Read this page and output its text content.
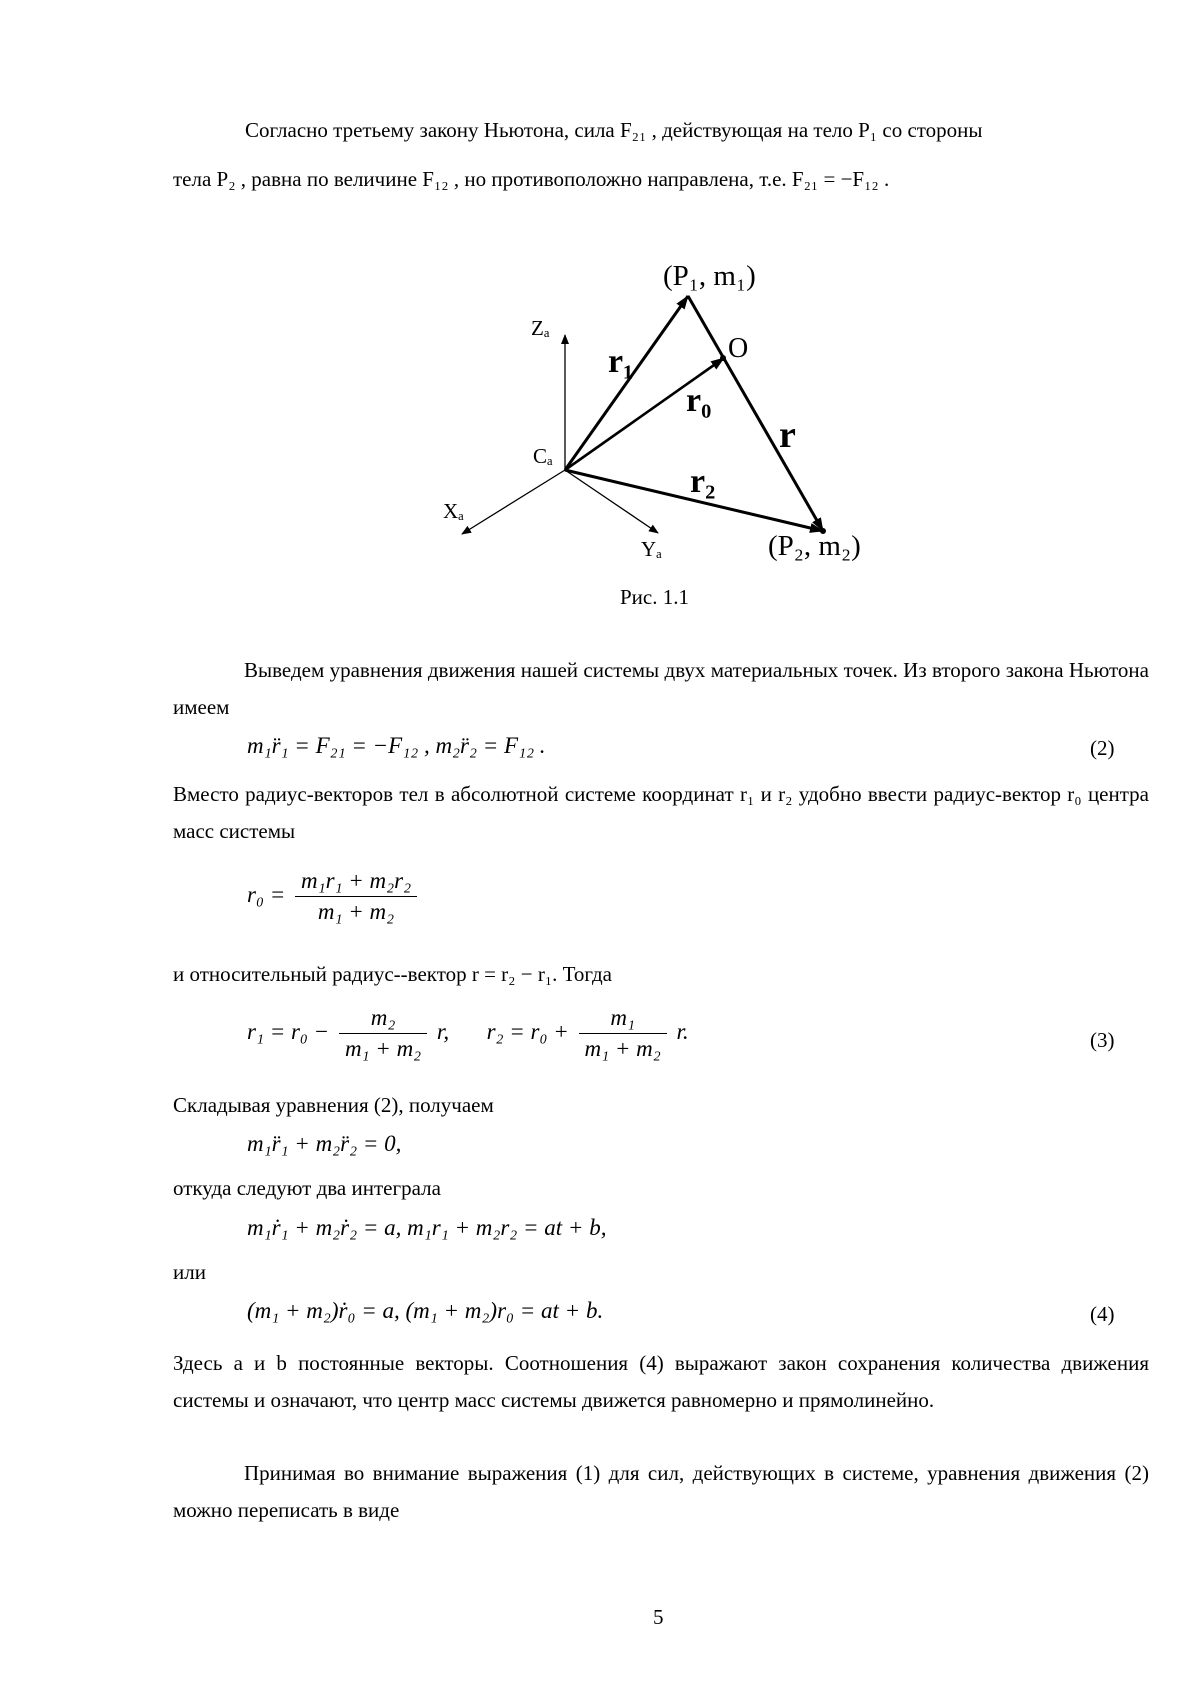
Согласно третьему закону Ньютона, сила F₂₁ , действующая на тело P₁ со стороны
тела P₂ , равна по величине F₁₂ , но противоположно направлена, т.е. F₂₁ = −F₁₂ .
(P₁, m₁)
O
r₁
r₀
r
r₂
Zₐ
Cₐ
Xₐ
Yₐ	(P₂, m₂)
Рис. 1.1
Выведем уравнения движения нашей системы двух материальных точек. Из второго закона Ньютона имеем
m₁r̈₁ = F₂₁ = −F₁₂ , m₂r̈₂ = F₁₂ .	(2)
Вместо радиус-векторов тел в абсолютной системе координат r₁ и r₂ удобно ввести радиус-вектор r₀ центра масс системы
$r_0 = \frac{\text{m₁r₁ + m₂r₂}}{\text{m₁ + m₂}}$
и относительный радиус--вектор r = r₂ − r₁. Тогда
$r_1 = r_0 - \frac{\text{m₂}}{\text{m₁ + m₂}} r$, $r_2 = r_0 + \frac{\text{m₁}}{\text{m₁ + m₂}} r$.	(3)
Складывая уравнения (2), получаем
m₁r̈₁ + m₂r̈₂ = 0,
откуда следуют два интеграла
m₁ṙ₁ + m₂ṙ₂ = a, m₁r₁ + m₂r₂ = at + b,
или
(m₁ + m₂)ṙ₀ = a, (m₁ + m₂)r₀ = at + b.	(4)
Здесь a и b постоянные векторы. Соотношения (4) выражают закон сохранения количества движения системы и означают, что центр масс системы движется равномерно и прямолинейно.
Принимая во внимание выражения (1) для сил, действующих в системе, уравнения движения (2) можно переписать в виде
5
